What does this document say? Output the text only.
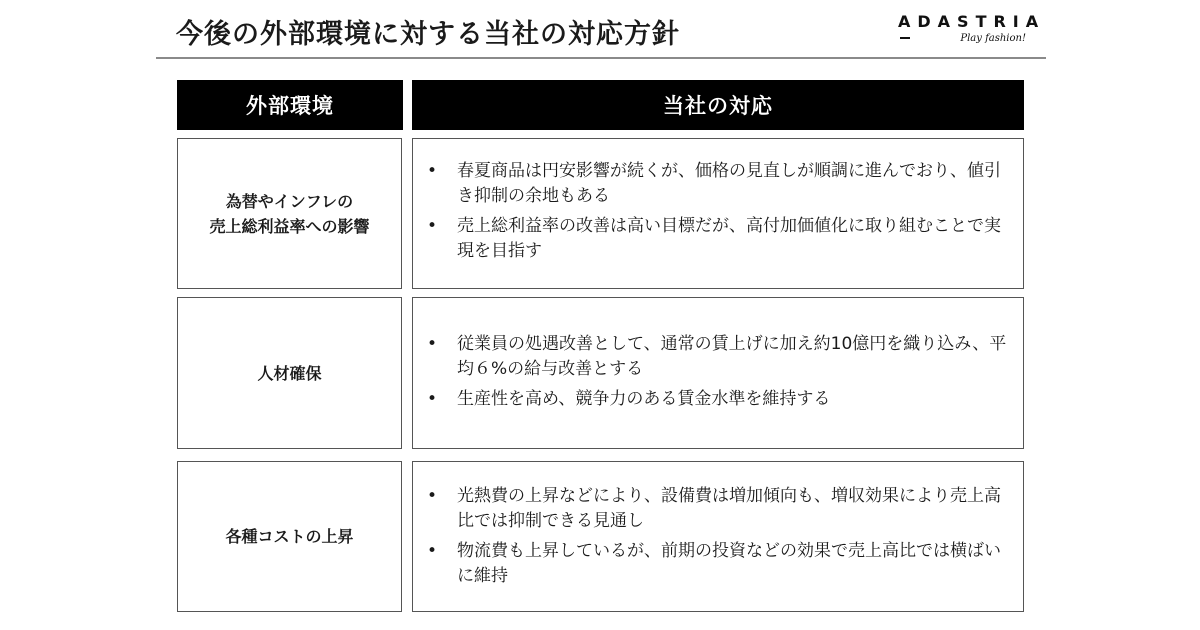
今後の外部環境に対する当社の対応方針	ADASTRIA
Play fashion!
外部環境	当社の対応
為替やインフレの
売上総利益率への影響
• 春夏商品は円安影響が続くが、価格の見直しが順調に進んでおり、値引き抑制の余地もある
• 売上総利益率の改善は高い目標だが、高付加価値化に取り組むことで実現を目指す
人材確保
• 従業員の処遇改善として、通常の賃上げに加え約10億円を織り込み、平均６%の給与改善とする
• 生産性を高め、競争力のある賃金水準を維持する
各種コストの上昇
• 光熱費の上昇などにより、設備費は増加傾向も、増収効果により売上高比では抑制できる見通し
• 物流費も上昇しているが、前期の投資などの効果で売上高比では横ばいに維持
